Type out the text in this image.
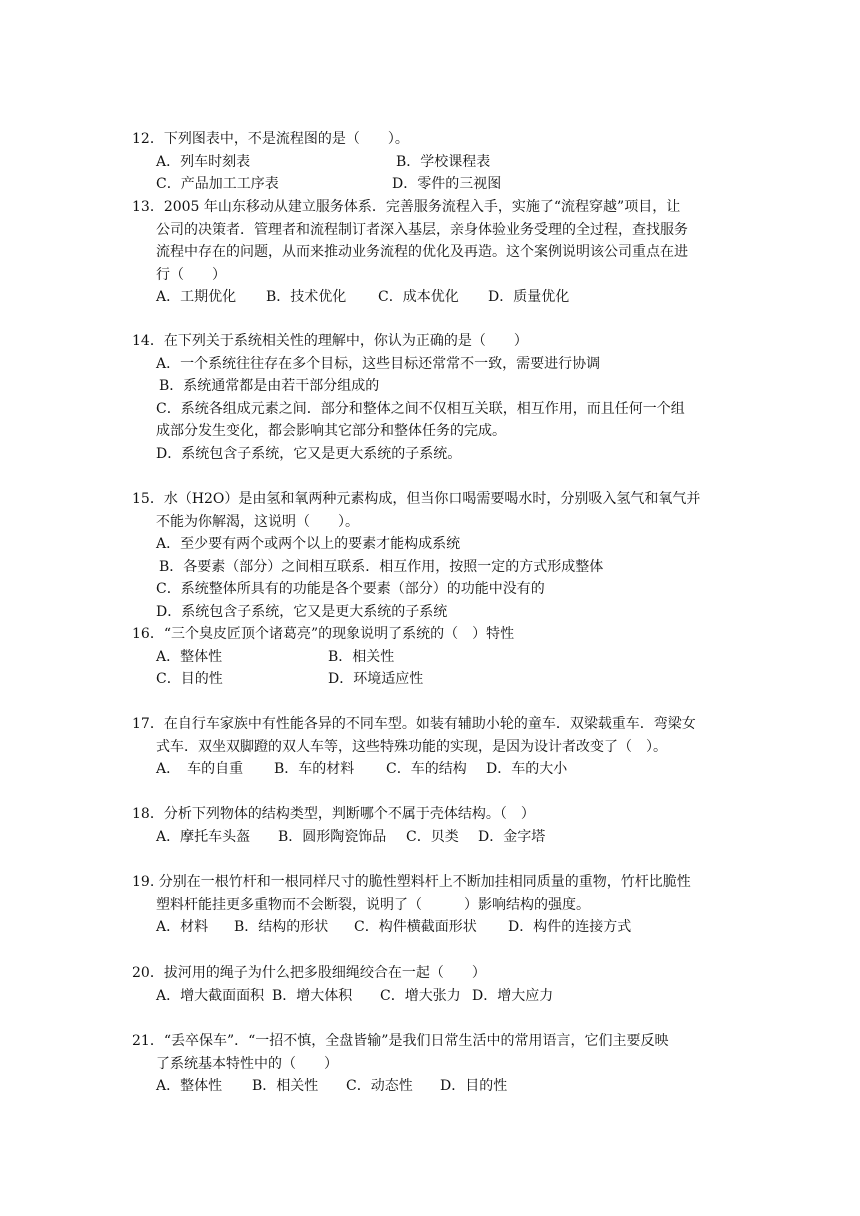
12．下列图表中，不是流程图的是（　　）。
A．列车时刻表	B．学校课程表
C．产品加工工序表	D．零件的三视图
13．2005 年山东移动从建立服务体系．完善服务流程入手，实施了“流程穿越”项目，让
公司的决策者．管理者和流程制订者深入基层，亲身体验业务受理的全过程，查找服务
流程中存在的问题，从而来推动业务流程的优化及再造。这个案例说明该公司重点在进
行（　　）
A．工期优化 B．技术优化 C．成本优化 D．质量优化
14．在下列关于系统相关性的理解中，你认为正确的是（　　）
A．一个系统往往存在多个目标，这些目标还常常不一致，需要进行协调
B．系统通常都是由若干部分组成的
C．系统各组成元素之间．部分和整体之间不仅相互关联，相互作用，而且任何一个组
成部分发生变化，都会影响其它部分和整体任务的完成。
D．系统包含子系统，它又是更大系统的子系统。
15．水（H2O）是由氢和氧两种元素构成，但当你口喝需要喝水时，分别吸入氢气和氧气并
不能为你解渴，这说明（　　）。
A．至少要有两个或两个以上的要素才能构成系统
B．各要素（部分）之间相互联系．相互作用，按照一定的方式形成整体
C．系统整体所具有的功能是各个要素（部分）的功能中没有的
D．系统包含子系统，它又是更大系统的子系统
16．“三个臭皮匠顶个诸葛亮”的现象说明了系统的（　）特性
A．整体性	B．相关性
C．目的性	D．环境适应性
17．在自行车家族中有性能各异的不同车型。如装有辅助小轮的童车．双梁载重车．弯梁女
式车．双坐双脚蹬的双人车等，这些特殊功能的实现，是因为设计者改变了（　）。
A．　车的自重 B．车的材料 C．车的结构 D．车的大小
18．分析下列物体的结构类型，判断哪个不属于壳体结构。（　）
A．摩托车头盔 B．圆形陶瓷饰品 C．贝类 D．金字塔
19. 分别在一根竹杆和一根同样尺寸的脆性塑料杆上不断加挂相同质量的重物，竹杆比脆性
塑料杆能挂更多重物而不会断裂，说明了（　　　）影响结构的强度。
A．材料 B．结构的形状 C．构件横截面形状 D．构件的连接方式
20．拔河用的绳子为什么把多股细绳绞合在一起（　　）
A．增大截面面积 B．增大体积 C．增大张力 D．增大应力
21．“丢卒保车”．“一招不慎，全盘皆输”是我们日常生活中的常用语言，它们主要反映
了系统基本特性中的（　　）
A．整体性 B．相关性 C．动态性 D．目的性
